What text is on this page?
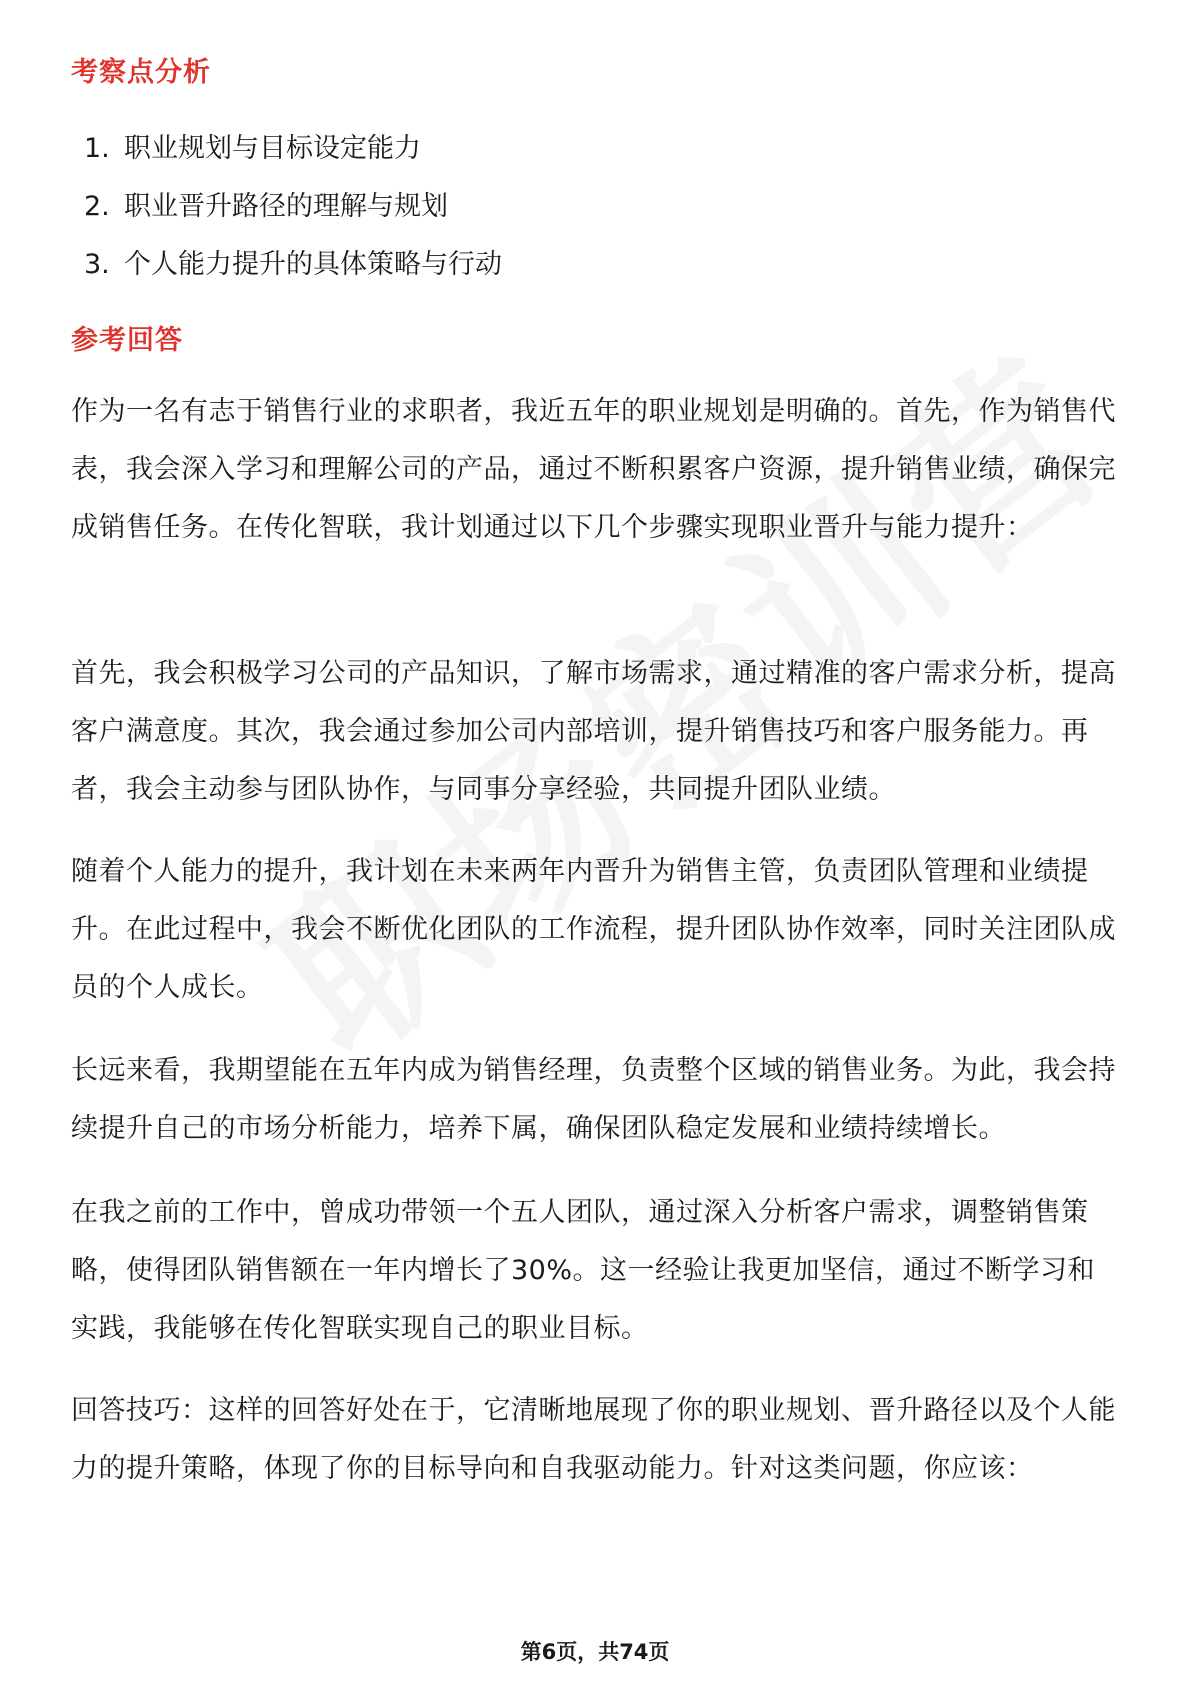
考察点分析
1. 职业规划与目标设定能力
2. 职业晋升路径的理解与规划
3. 个人能力提升的具体策略与行动
参考回答

作为一名有志于销售行业的求职者，我近五年的职业规划是明确的。首先，作为销售代表，我会深入学习和理解公司的产品，通过不断积累客户资源，提升销售业绩，确保完成销售任务。在传化智联，我计划通过以下几个步骤实现职业晋升与能力提升：

首先，我会积极学习公司的产品知识，了解市场需求，通过精准的客户需求分析，提高客户满意度。其次，我会通过参加公司内部培训，提升销售技巧和客户服务能力。再者，我会主动参与团队协作，与同事分享经验，共同提升团队业绩。

随着个人能力的提升，我计划在未来两年内晋升为销售主管，负责团队管理和业绩提升。在此过程中，我会不断优化团队的工作流程，提升团队协作效率，同时关注团队成员的个人成长。

长远来看，我期望能在五年内成为销售经理，负责整个区域的销售业务。为此，我会持续提升自己的市场分析能力，培养下属，确保团队稳定发展和业绩持续增长。

在我之前的工作中，曾成功带领一个五人团队，通过深入分析客户需求，调整销售策略，使得团队销售额在一年内增长了30%。这一经验让我更加坚信，通过不断学习和实践，我能够在传化智联实现自己的职业目标。

回答技巧：这样的回答好处在于，它清晰地展现了你的职业规划、晋升路径以及个人能力的提升策略，体现了你的目标导向和自我驱动能力。针对这类问题，你应该：

第6页，共74页
